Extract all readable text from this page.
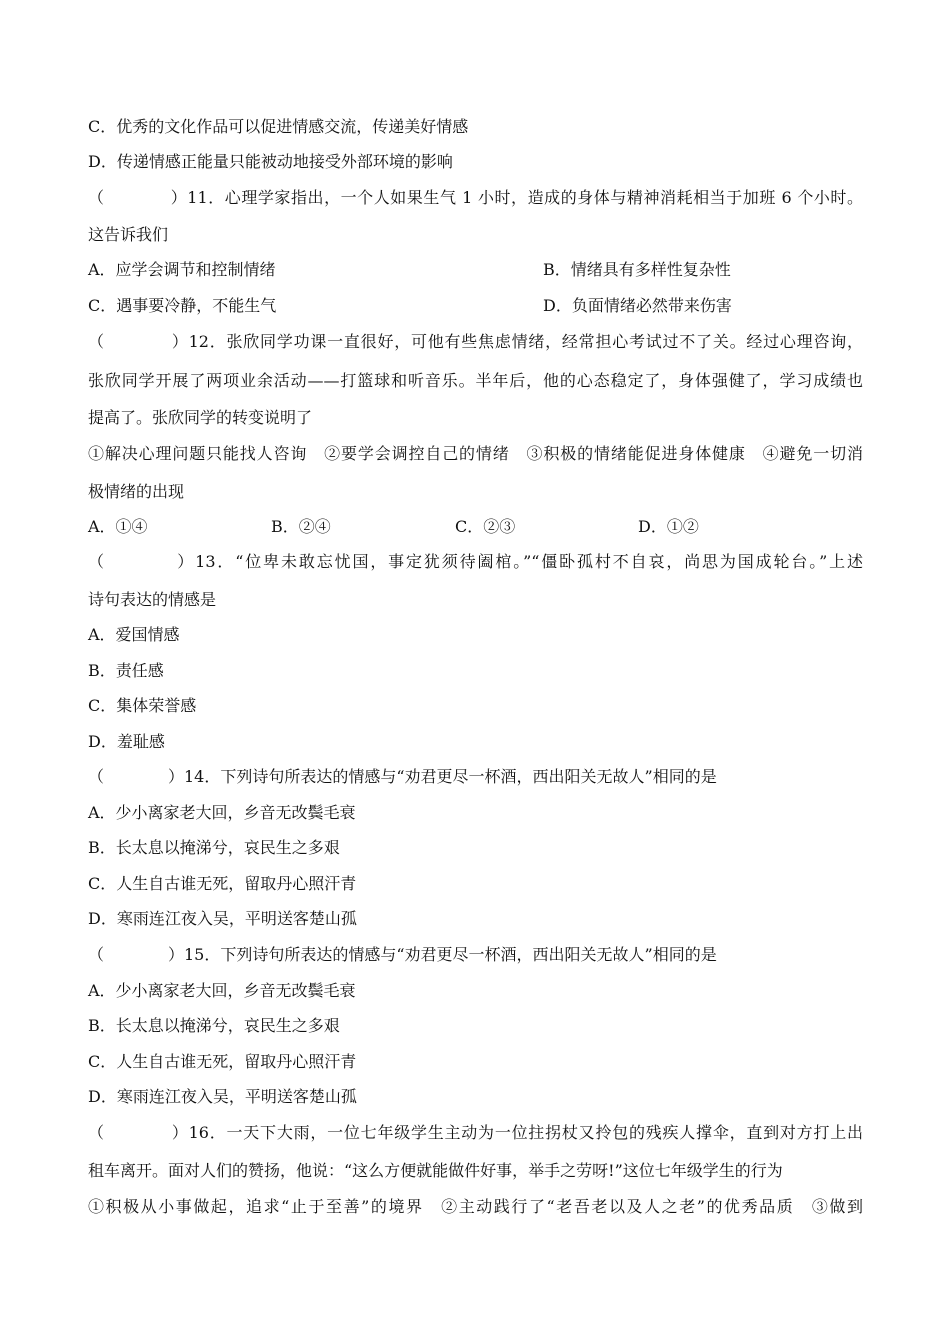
C．优秀的文化作品可以促进情感交流，传递美好情感
D．传递情感正能量只能被动地接受外部环境的影响
（　　　　）11．心理学家指出，一个人如果生气 1 小时，造成的身体与精神消耗相当于加班 6 个小时。
这告诉我们
A．应学会调节和控制情绪	B．情绪具有多样性复杂性
C．遇事要冷静，不能生气	D．负面情绪必然带来伤害
（　　　　）12．张欣同学功课一直很好，可他有些焦虑情绪，经常担心考试过不了关。经过心理咨询，
张欣同学开展了两项业余活动——打篮球和听音乐。半年后，他的心态稳定了，身体强健了，学习成绩也
提高了。张欣同学的转变说明了
①解决心理问题只能找人咨询　②要学会调控自己的情绪　③积极的情绪能促进身体健康　④避免一切消
极情绪的出现
A．①④	B．②④	C．②③	D．①②
（　　　　）13．“位卑未敢忘忧国，事定犹须待阖棺。”“僵卧孤村不自哀，尚思为国成轮台。”上述
诗句表达的情感是
A．爱国情感
B．责任感
C．集体荣誉感
D．羞耻感
（　　　　）14．下列诗句所表达的情感与“劝君更尽一杯酒，西出阳关无故人”相同的是
A．少小离家老大回，乡音无改鬓毛衰
B．长太息以掩涕兮，哀民生之多艰
C．人生自古谁无死，留取丹心照汗青
D．寒雨连江夜入吴，平明送客楚山孤
（　　　　）15．下列诗句所表达的情感与“劝君更尽一杯酒，西出阳关无故人”相同的是
A．少小离家老大回，乡音无改鬓毛衰
B．长太息以掩涕兮，哀民生之多艰
C．人生自古谁无死，留取丹心照汗青
D．寒雨连江夜入吴，平明送客楚山孤
（　　　　）16．一天下大雨，一位七年级学生主动为一位拄拐杖又拎包的残疾人撑伞，直到对方打上出
租车离开。面对人们的赞扬，他说：“这么方便就能做件好事，举手之劳呀!”这位七年级学生的行为
①积极从小事做起，追求“止于至善”的境界　②主动践行了“老吾老以及人之老”的优秀品质　③做到
